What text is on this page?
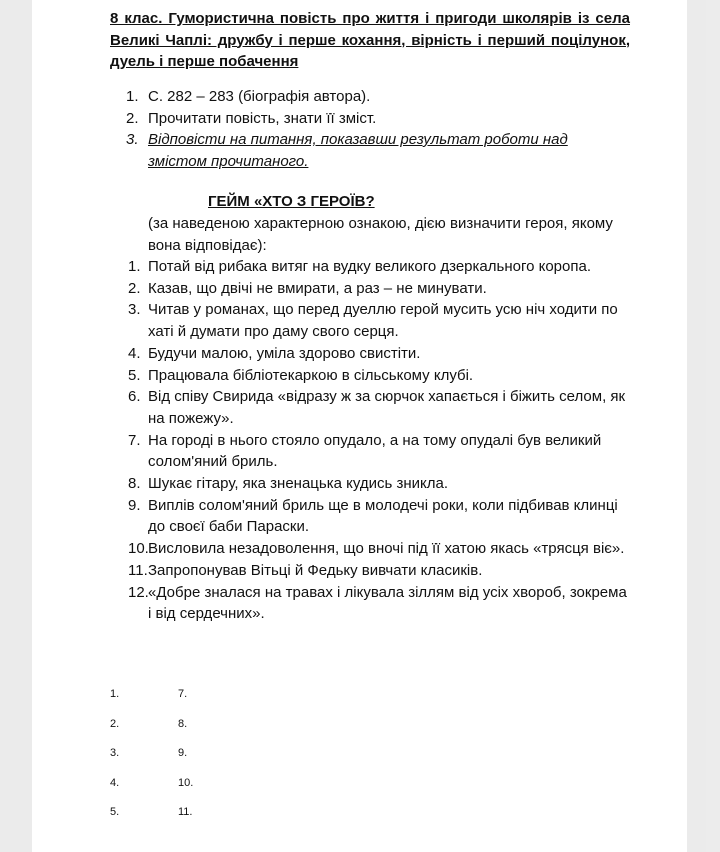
8 клас. Гумористична повість про життя і пригоди школярів із села Великі Чаплі: дружбу і перше кохання, вірність і перший поцілунок, дуель і перше побачення
1. С. 282 – 283 (біографія автора).
2. Прочитати повість, знати її зміст.
3. Відповісти на питання, показавши результат роботи над змістом прочитаного.
ГЕЙМ «ХТО З ГЕРОЇВ?
(за наведеною характерною ознакою, дією визначити героя, якому вона відповідає):
1. Потай від рибака витяг на вудку великого дзеркального коропа.
2. Казав, що двічі не вмирати, а раз – не минувати.
3. Читав у романах, що перед дуеллю герой мусить усю ніч ходити по хаті й думати про даму свого серця.
4. Будучи малою, уміла здорово свистіти.
5. Працювала бібліотекаркою в сільському клубі.
6. Від співу Свирида «відразу ж за сюрчок хапається і біжить селом, як на пожежу».
7. На городі в нього стояло опудало, а на тому опудалі був великий солом'яний бриль.
8. Шукає гітару, яка зненацька кудись зникла.
9. Виплів солом'яний бриль ще в молодечі роки, коли підбивав клинці до своєї баби Параски.
10. Висловила незадоволення, що вночі під її хатою якась «трясця віє».
11. Запропонував Вітьці й Федьку вивчати класиків.
12. «Добре зналася на травах і лікувала зіллям від усіх хвороб, зокрема і від сердечних».
1.	7.
2.	8.
3.	9.
4.	10.
5.	11.
